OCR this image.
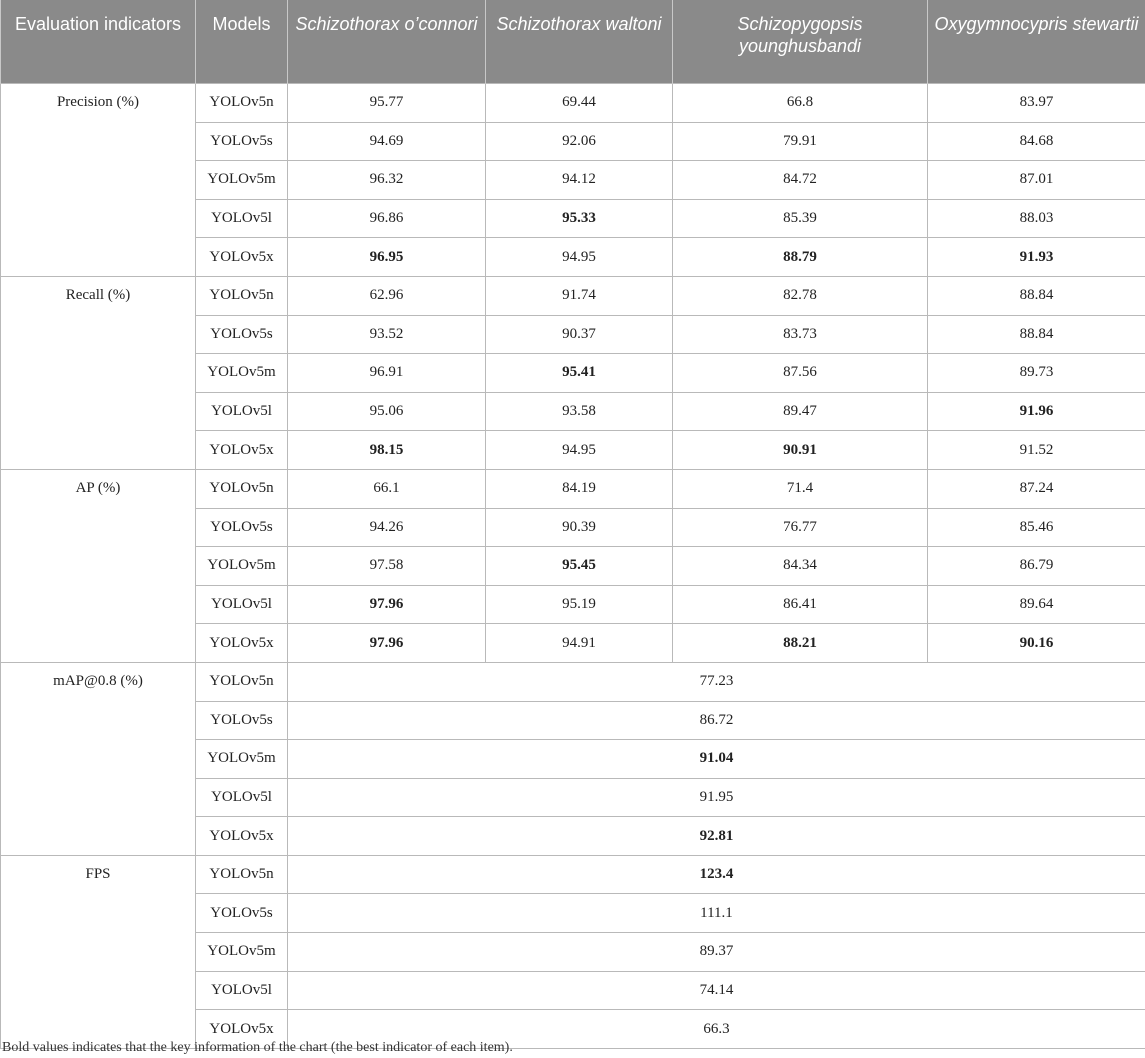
Evaluation indicators	Models	Schizothorax o’connori	Schizothorax waltoni	Schizopygopsis younghusbandi	Oxygymnocypris stewartii
Precision (%)	YOLOv5n	95.77	69.44	66.8	83.97
	YOLOv5s	94.69	92.06	79.91	84.68
	YOLOv5m	96.32	94.12	84.72	87.01
	YOLOv5l	96.86	95.33	85.39	88.03
	YOLOv5x	96.95	94.95	88.79	91.93
Recall (%)	YOLOv5n	62.96	91.74	82.78	88.84
	YOLOv5s	93.52	90.37	83.73	88.84
	YOLOv5m	96.91	95.41	87.56	89.73
	YOLOv5l	95.06	93.58	89.47	91.96
	YOLOv5x	98.15	94.95	90.91	91.52
AP (%)	YOLOv5n	66.1	84.19	71.4	87.24
	YOLOv5s	94.26	90.39	76.77	85.46
	YOLOv5m	97.58	95.45	84.34	86.79
	YOLOv5l	97.96	95.19	86.41	89.64
	YOLOv5x	97.96	94.91	88.21	90.16
mAP@0.8 (%)	YOLOv5n	77.23			
	YOLOv5s	86.72			
	YOLOv5m	91.04			
	YOLOv5l	91.95			
	YOLOv5x	92.81			
FPS	YOLOv5n	123.4			
	YOLOv5s	111.1			
	YOLOv5m	89.37			
	YOLOv5l	74.14			
	YOLOv5x	66.3			
Bold values indicates that the key information of the chart (the best indicator of each item).
